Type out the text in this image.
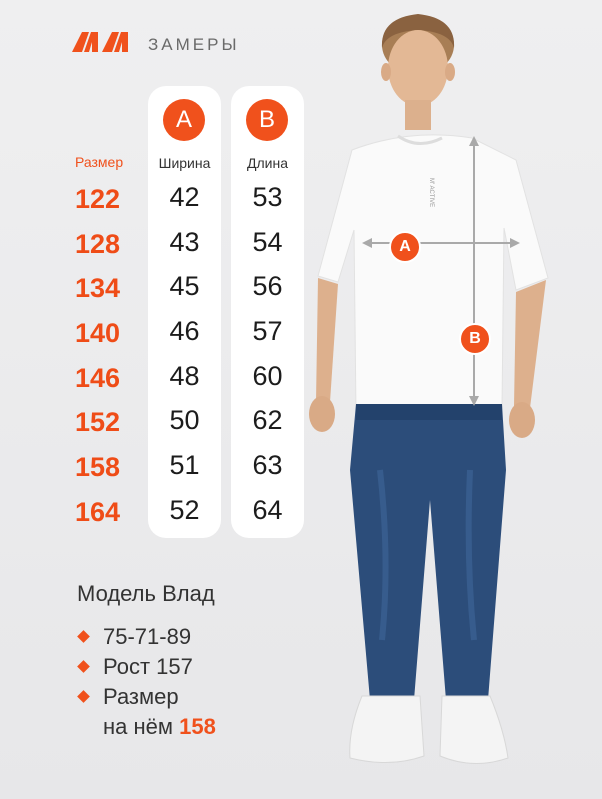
ЗАМЕРЫ
Размер
122
128
134
140
146
152
158
164
A
Ширина
42
43
45
46
48
50
51
52
B
Длина
53
54
56
57
60
62
63
64
Модель Влад
75-71-89
Рост 157
Размер
на нём 158
M' ACTIVE
A
B
